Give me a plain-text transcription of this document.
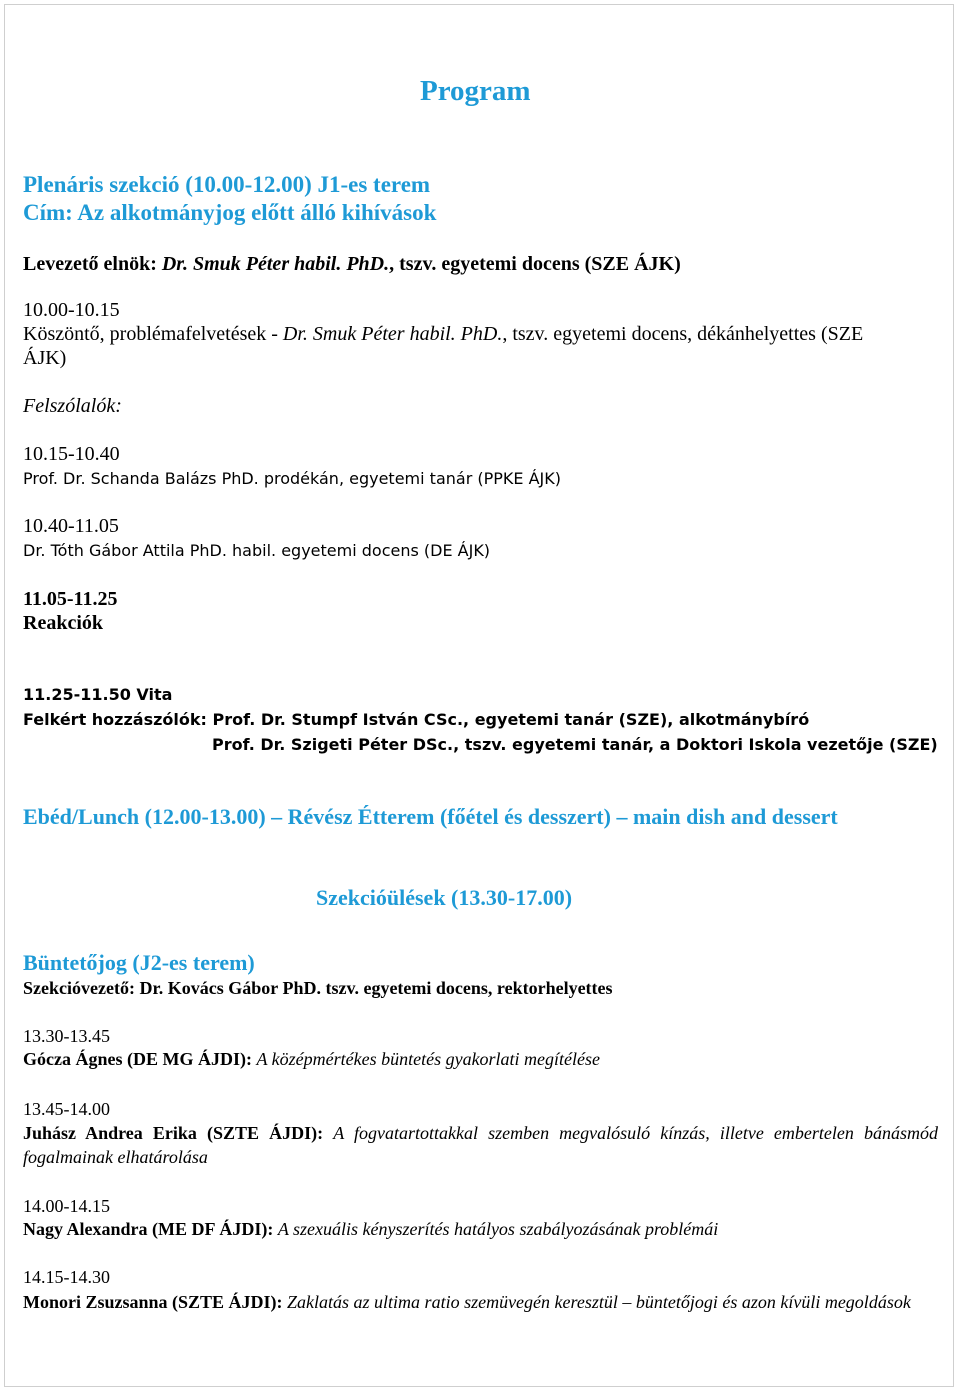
Program
Plenáris szekció (10.00-12.00) J1-es terem
Cím: Az alkotmányjog előtt álló kihívások
Levezető elnök: Dr. Smuk Péter habil. PhD., tszv. egyetemi docens (SZE ÁJK)
10.00-10.15
Köszöntő, problémafelvetések - Dr. Smuk Péter habil. PhD., tszv. egyetemi docens, dékánhelyettes (SZE
ÁJK)
Felszólalók:
10.15-10.40
Prof. Dr. Schanda Balázs PhD. prodékán, egyetemi tanár (PPKE ÁJK)
10.40-11.05
Dr. Tóth Gábor Attila PhD. habil. egyetemi docens (DE ÁJK)
11.05-11.25
Reakciók
11.25-11.50 Vita
Felkért hozzászólók: Prof. Dr. Stumpf István CSc., egyetemi tanár (SZE), alkotmánybíró
Prof. Dr. Szigeti Péter DSc., tszv. egyetemi tanár, a Doktori Iskola vezetője (SZE)
Ebéd/Lunch (12.00-13.00) – Révész Étterem (főétel és desszert) – main dish and dessert
Szekcióülések (13.30-17.00)
Büntetőjog (J2-es terem)
Szekcióvezető: Dr. Kovács Gábor PhD. tszv. egyetemi docens, rektorhelyettes
13.30-13.45
Gócza Ágnes (DE MG ÁJDI): A középmértékes büntetés gyakorlati megítélése
13.45-14.00
Juhász Andrea Erika (SZTE ÁJDI): A fogvatartottakkal szemben megvalósuló kínzás, illetve embertelen bánásmód fogalmainak elhatárolása
14.00-14.15
Nagy Alexandra (ME DF ÁJDI): A szexuális kényszerítés hatályos szabályozásának problémái
14.15-14.30
Monori Zsuzsanna (SZTE ÁJDI): Zaklatás az ultima ratio szemüvegén keresztül – büntetőjogi és azon kívüli megoldások
